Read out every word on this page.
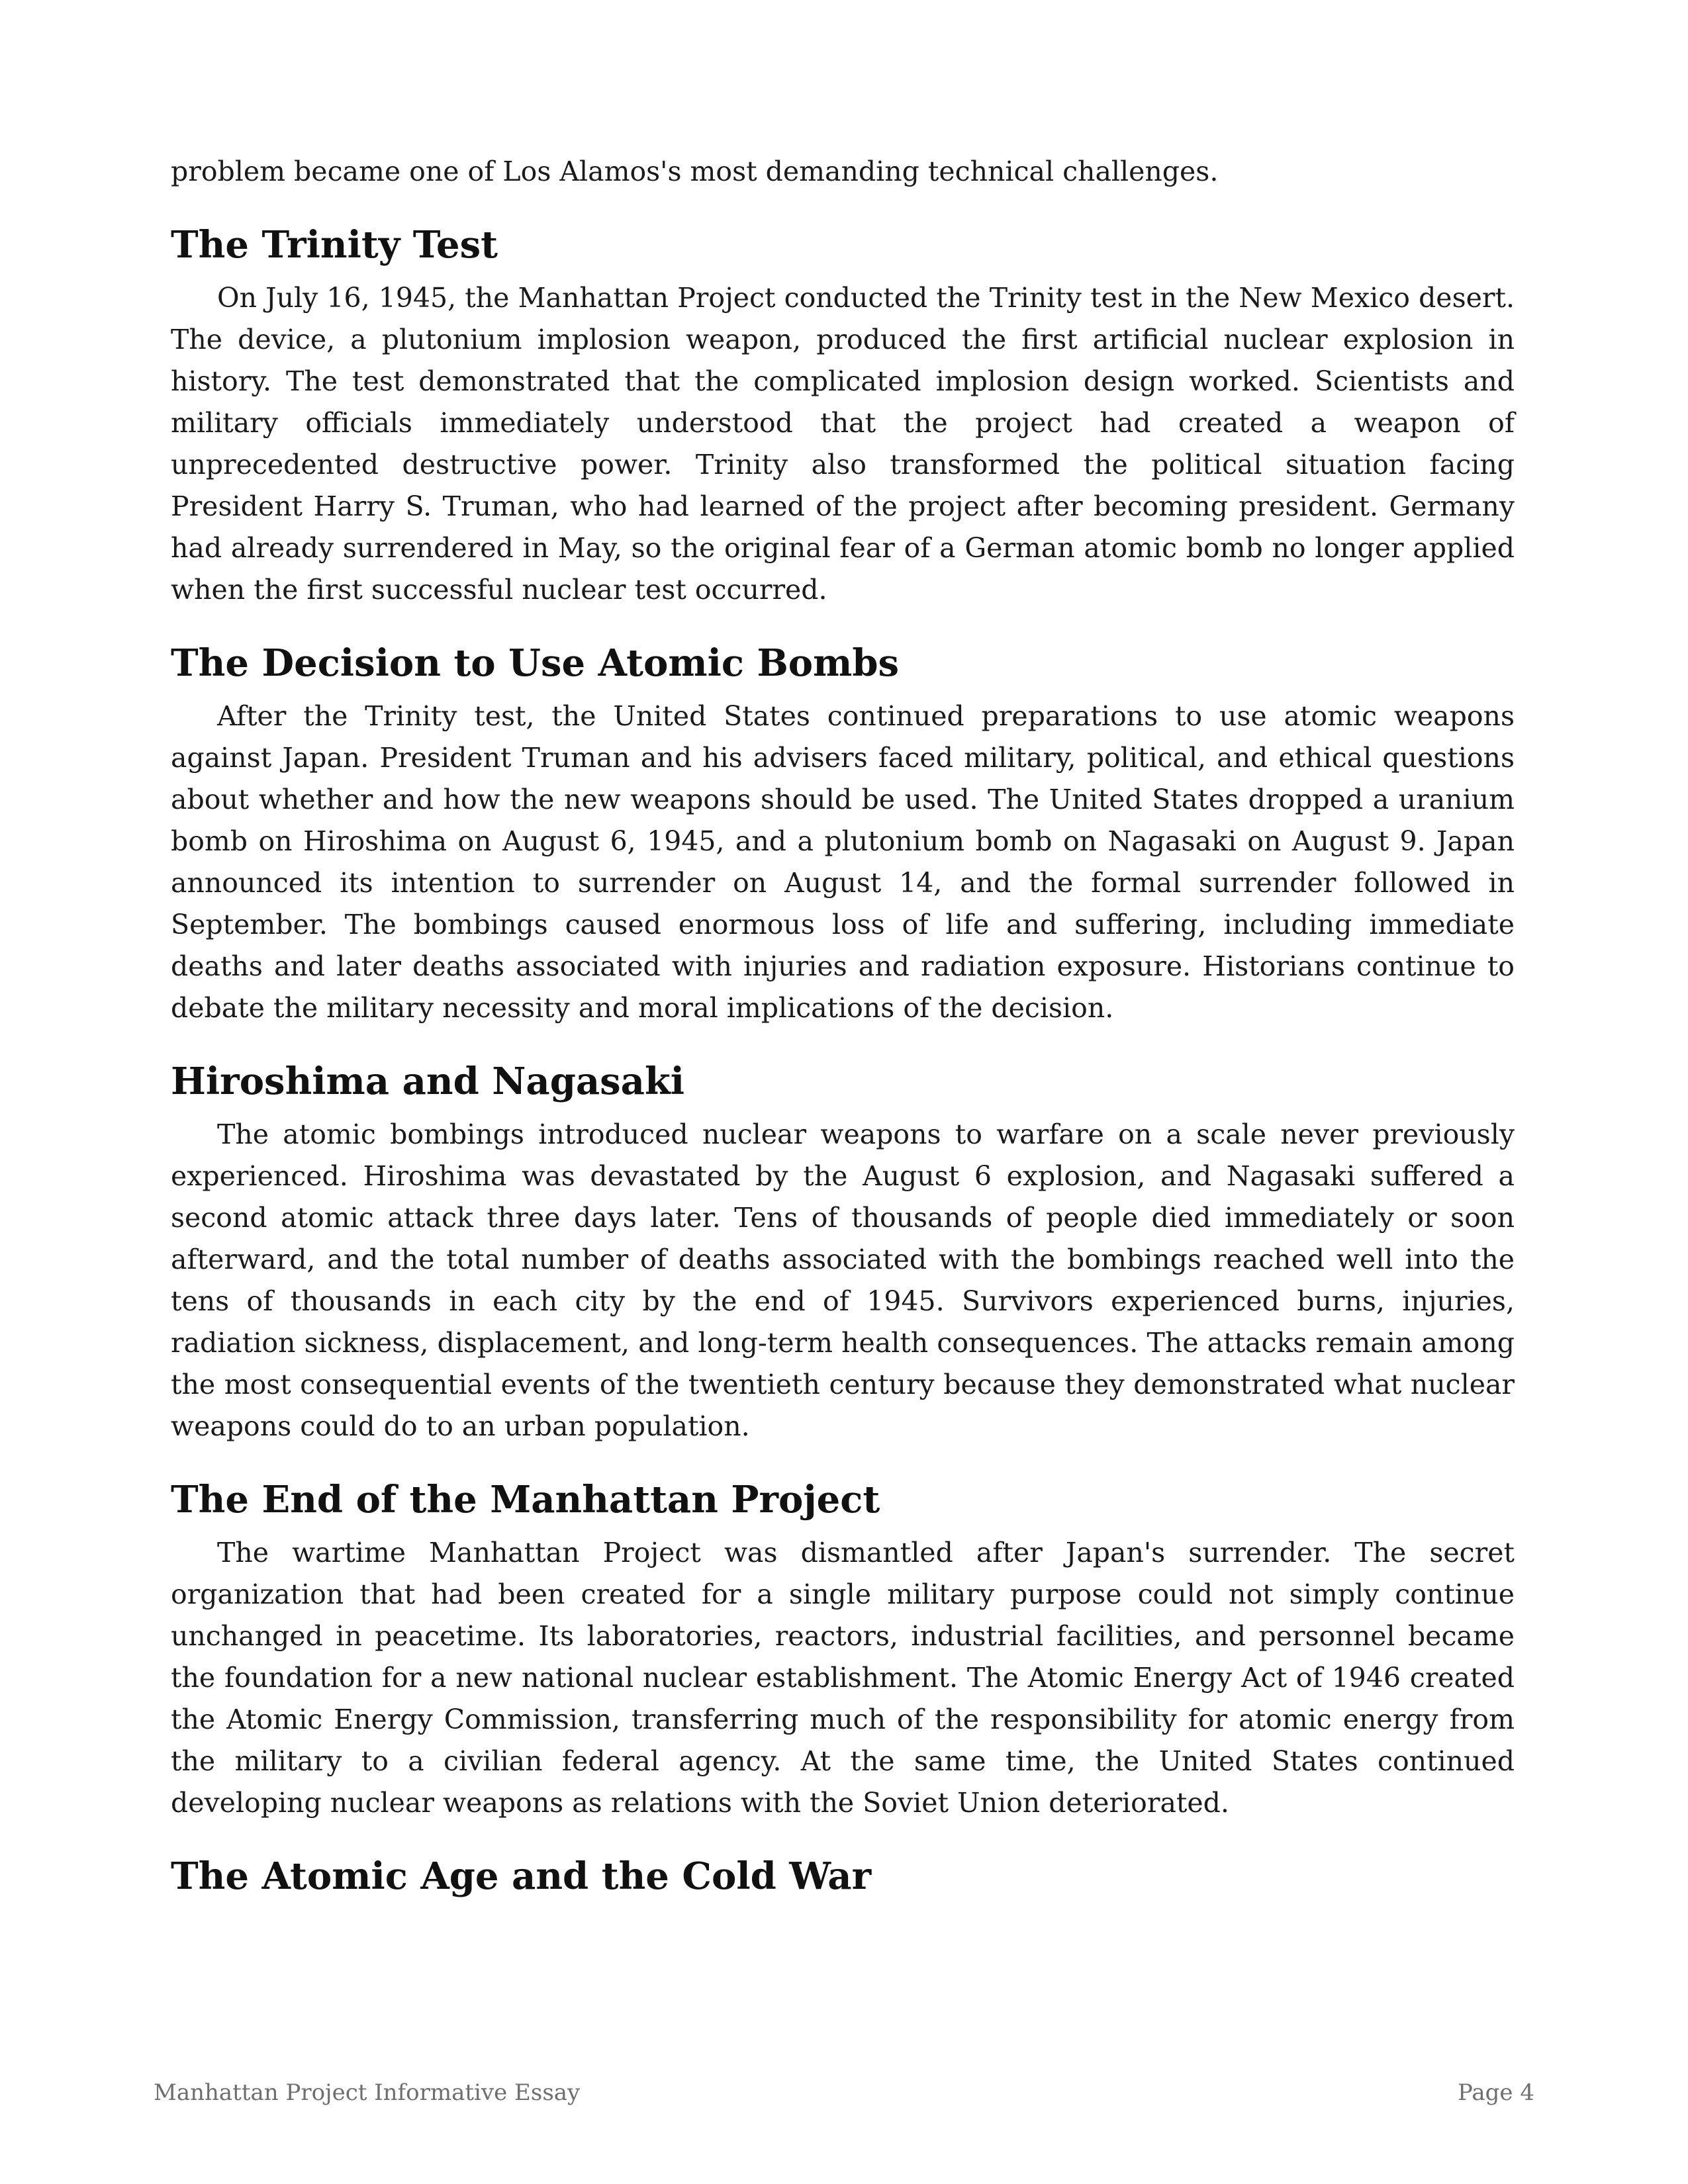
problem became one of Los Alamos's most demanding technical challenges.

The Trinity Test

On July 16, 1945, the Manhattan Project conducted the Trinity test in the New Mexico desert. The device, a plutonium implosion weapon, produced the first artificial nuclear explosion in history. The test demonstrated that the complicated implosion design worked. Scientists and military officials immediately understood that the project had created a weapon of unprecedented destructive power. Trinity also transformed the political situation facing President Harry S. Truman, who had learned of the project after becoming president. Germany had already surrendered in May, so the original fear of a German atomic bomb no longer applied when the first successful nuclear test occurred.

The Decision to Use Atomic Bombs

After the Trinity test, the United States continued preparations to use atomic weapons against Japan. President Truman and his advisers faced military, political, and ethical questions about whether and how the new weapons should be used. The United States dropped a uranium bomb on Hiroshima on August 6, 1945, and a plutonium bomb on Nagasaki on August 9. Japan announced its intention to surrender on August 14, and the formal surrender followed in September. The bombings caused enormous loss of life and suffering, including immediate deaths and later deaths associated with injuries and radiation exposure. Historians continue to debate the military necessity and moral implications of the decision.

Hiroshima and Nagasaki

The atomic bombings introduced nuclear weapons to warfare on a scale never previously experienced. Hiroshima was devastated by the August 6 explosion, and Nagasaki suffered a second atomic attack three days later. Tens of thousands of people died immediately or soon afterward, and the total number of deaths associated with the bombings reached well into the tens of thousands in each city by the end of 1945. Survivors experienced burns, injuries, radiation sickness, displacement, and long-term health consequences. The attacks remain among the most consequential events of the twentieth century because they demonstrated what nuclear weapons could do to an urban population.

The End of the Manhattan Project

The wartime Manhattan Project was dismantled after Japan's surrender. The secret organization that had been created for a single military purpose could not simply continue unchanged in peacetime. Its laboratories, reactors, industrial facilities, and personnel became the foundation for a new national nuclear establishment. The Atomic Energy Act of 1946 created the Atomic Energy Commission, transferring much of the responsibility for atomic energy from the military to a civilian federal agency. At the same time, the United States continued developing nuclear weapons as relations with the Soviet Union deteriorated.

The Atomic Age and the Cold War
Manhattan Project Informative Essay	Page 4
